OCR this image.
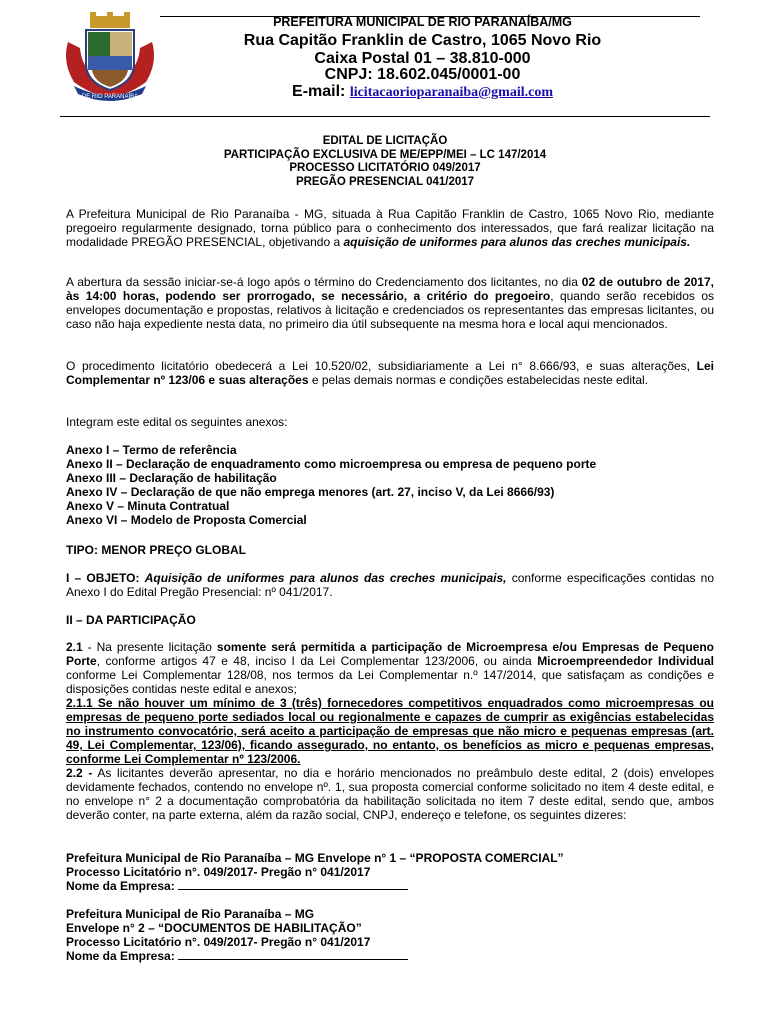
DE RIO PARANAÍBA
PREFEITURA MUNICIPAL DE RIO PARANAÍBA/MG
Rua Capitão Franklin de Castro, 1065 Novo Rio
Caixa Postal 01 – 38.810-000
CNPJ: 18.602.045/0001-00
E-mail: licitacaorioparanaiba@gmail.com
EDITAL DE LICITAÇÃO
PARTICIPAÇÃO EXCLUSIVA DE ME/EPP/MEI – LC 147/2014
PROCESSO LICITATÓRIO 049/2017
PREGÃO PRESENCIAL 041/2017
A Prefeitura Municipal de Rio Paranaíba - MG, situada à Rua Capitão Franklin de Castro, 1065 Novo Rio, mediante pregoeiro regularmente designado, torna público para o conhecimento dos interessados, que fará realizar licitação na modalidade PREGÃO PRESENCIAL, objetivando a aquisição de uniformes para alunos das creches municipais.
A abertura da sessão iniciar-se-á logo após o término do Credenciamento dos licitantes, no dia 02 de outubro de 2017, às 14:00 horas, podendo ser prorrogado, se necessário, a critério do pregoeiro, quando serão recebidos os envelopes documentação e propostas, relativos à licitação e credenciados os representantes das empresas licitantes, ou caso não haja expediente nesta data, no primeiro dia útil subsequente na mesma hora e local aqui mencionados.
O procedimento licitatório obedecerá a Lei 10.520/02, subsidiariamente a Lei n° 8.666/93, e suas alterações, Lei Complementar nº 123/06 e suas alterações e pelas demais normas e condições estabelecidas neste edital.
Integram este edital os seguintes anexos:
Anexo I – Termo de referência
Anexo II – Declaração de enquadramento como microempresa ou empresa de pequeno porte
Anexo III – Declaração de habilitação
Anexo IV – Declaração de que não emprega menores (art. 27, inciso V, da Lei 8666/93)
Anexo V – Minuta Contratual
Anexo VI – Modelo de Proposta Comercial
TIPO: MENOR PREÇO GLOBAL
I – OBJETO: Aquisição de uniformes para alunos das creches municipais, conforme especificações contidas no Anexo I do Edital Pregão Presencial: nº 041/2017.
II – DA PARTICIPAÇÃO
2.1 - Na presente licitação somente será permitida a participação de Microempresa e/ou Empresas de Pequeno Porte, conforme artigos 47 e 48, inciso I da Lei Complementar 123/2006, ou ainda Microempreendedor Individual conforme Lei Complementar 128/08, nos termos da Lei Complementar n.º 147/2014, que satisfaçam as condições e disposições contidas neste edital e anexos;
2.1.1 Se não houver um mínimo de 3 (três) fornecedores competitivos enquadrados como microempresas ou empresas de pequeno porte sediados local ou regionalmente e capazes de cumprir as exigências estabelecidas no instrumento convocatório, será aceito a participação de empresas que não micro e pequenas empresas (art. 49, Lei Complementar, 123/06), ficando assegurado, no entanto, os benefícios as micro e pequenas empresas, conforme Lei Complementar nº 123/2006.
2.2 - As licitantes deverão apresentar, no dia e horário mencionados no preâmbulo deste edital, 2 (dois) envelopes devidamente fechados, contendo no envelope nº. 1, sua proposta comercial conforme solicitado no item 4 deste edital, e no envelope n° 2 a documentação comprobatória da habilitação solicitada no item 7 deste edital, sendo que, ambos deverão conter, na parte externa, além da razão social, CNPJ, endereço e telefone, os seguintes dizeres:
Prefeitura Municipal de Rio Paranaíba – MG Envelope n° 1 – “PROPOSTA COMERCIAL”
Processo Licitatório n°. 049/2017- Pregão n° 041/2017
Nome da Empresa:
Prefeitura Municipal de Rio Paranaíba – MG
Envelope n° 2 – “DOCUMENTOS DE HABILITAÇÃO”
Processo Licitatório n°. 049/2017- Pregão n° 041/2017
Nome da Empresa:
